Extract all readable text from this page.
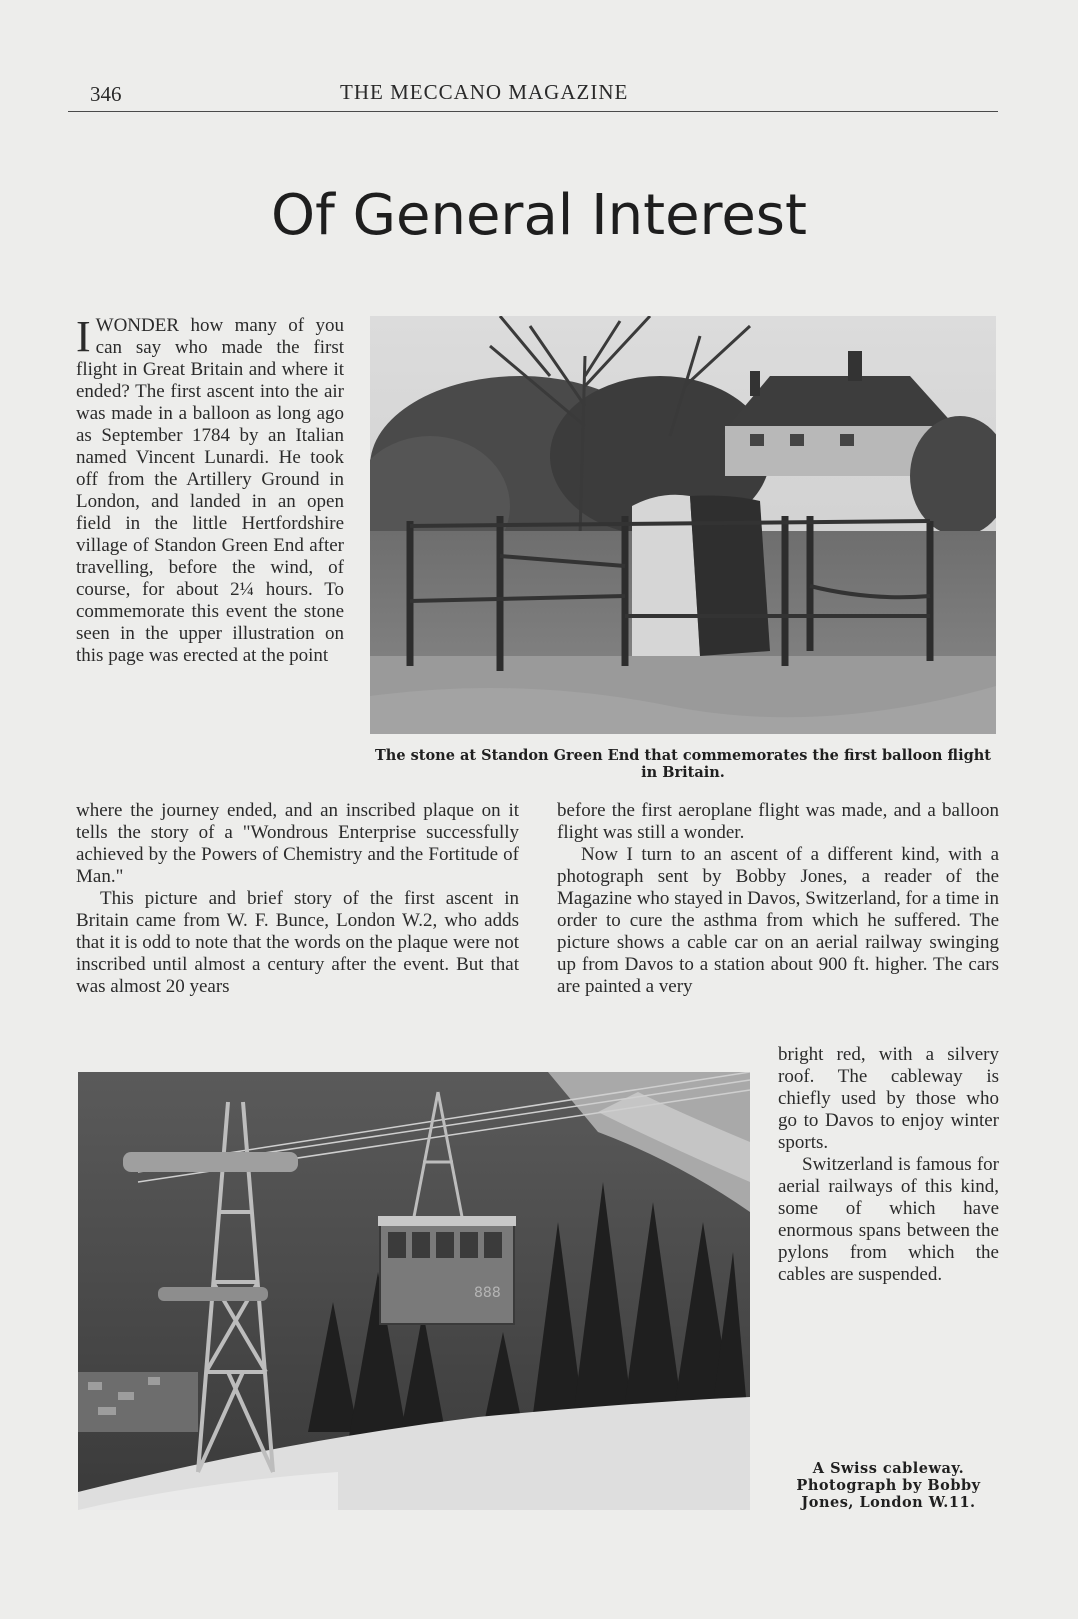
346	THE MECCANO MAGAZINE
Of General Interest

I WONDER how many of you can say who made the first flight in Great Britain and where it ended? The first ascent into the air was made in a balloon as long ago as September 1784 by an Italian named Vincent Lunardi. He took off from the Artillery Ground in London, and landed in an open field in the little Hertfordshire village of Standon Green End after travelling, before the wind, of course, for about 2¼ hours. To commemorate this event the stone seen in the upper illustration on this page was erected at the point

The stone at Standon Green End that commemorates the first balloon flight in Britain.

where the journey ended, and an inscribed plaque on it tells the story of a "Wondrous Enterprise successfully achieved by the Powers of Chemistry and the Fortitude of Man."

This picture and brief story of the first ascent in Britain came from W. F. Bunce, London W.2, who adds that it is odd to note that the words on the plaque were not inscribed until almost a century after the event. But that was almost 20 years

before the first aeroplane flight was made, and a balloon flight was still a wonder.

Now I turn to an ascent of a different kind, with a photograph sent by Bobby Jones, a reader of the Magazine who stayed in Davos, Switzerland, for a time in order to cure the asthma from which he suffered. The picture shows a cable car on an aerial railway swinging up from Davos to a station about 900 ft. higher. The cars are painted a very

bright red, with a silvery roof. The cableway is chiefly used by those who go to Davos to enjoy winter sports.

Switzerland is famous for aerial railways of this kind, some of which have enormous spans between the pylons from which the cables are suspended.

888
A Swiss cableway. Photograph by Bobby Jones, London W.11.
